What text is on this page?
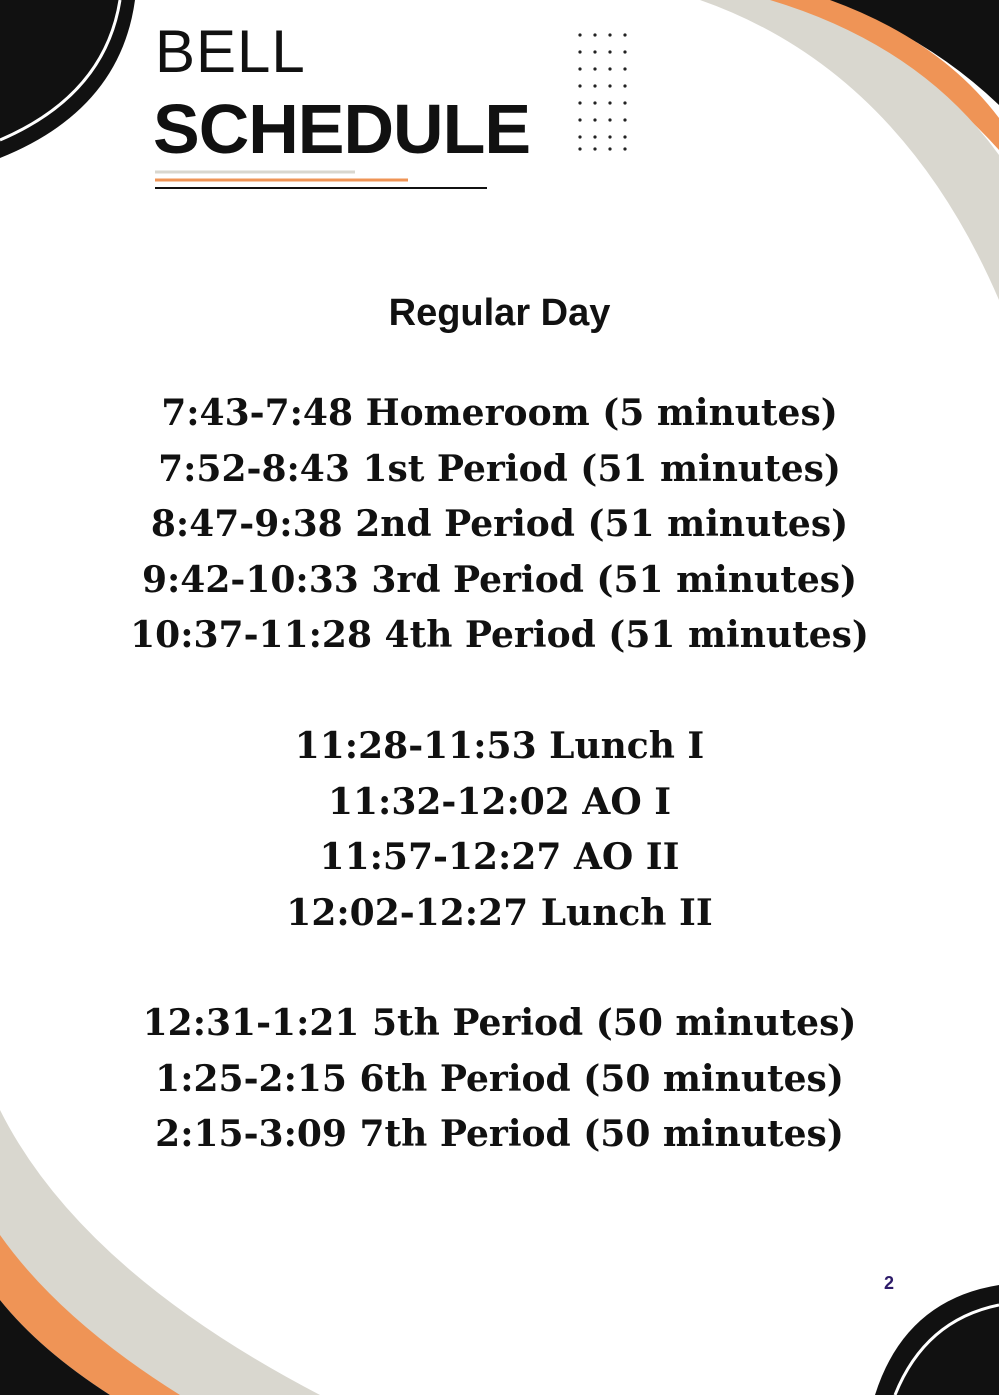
BELL
SCHEDULE
Regular Day
7:43-7:48 Homeroom (5 minutes)
7:52-8:43 1st Period (51 minutes)
8:47-9:38 2nd Period (51 minutes)
9:42-10:33 3rd Period (51 minutes)
10:37-11:28 4th Period (51 minutes)
11:28-11:53 Lunch I
11:32-12:02 AO I
11:57-12:27 AO II
12:02-12:27 Lunch II
12:31-1:21 5th Period (50 minutes)
1:25-2:15 6th Period (50 minutes)
2:15-3:09 7th Period (50 minutes)
2
